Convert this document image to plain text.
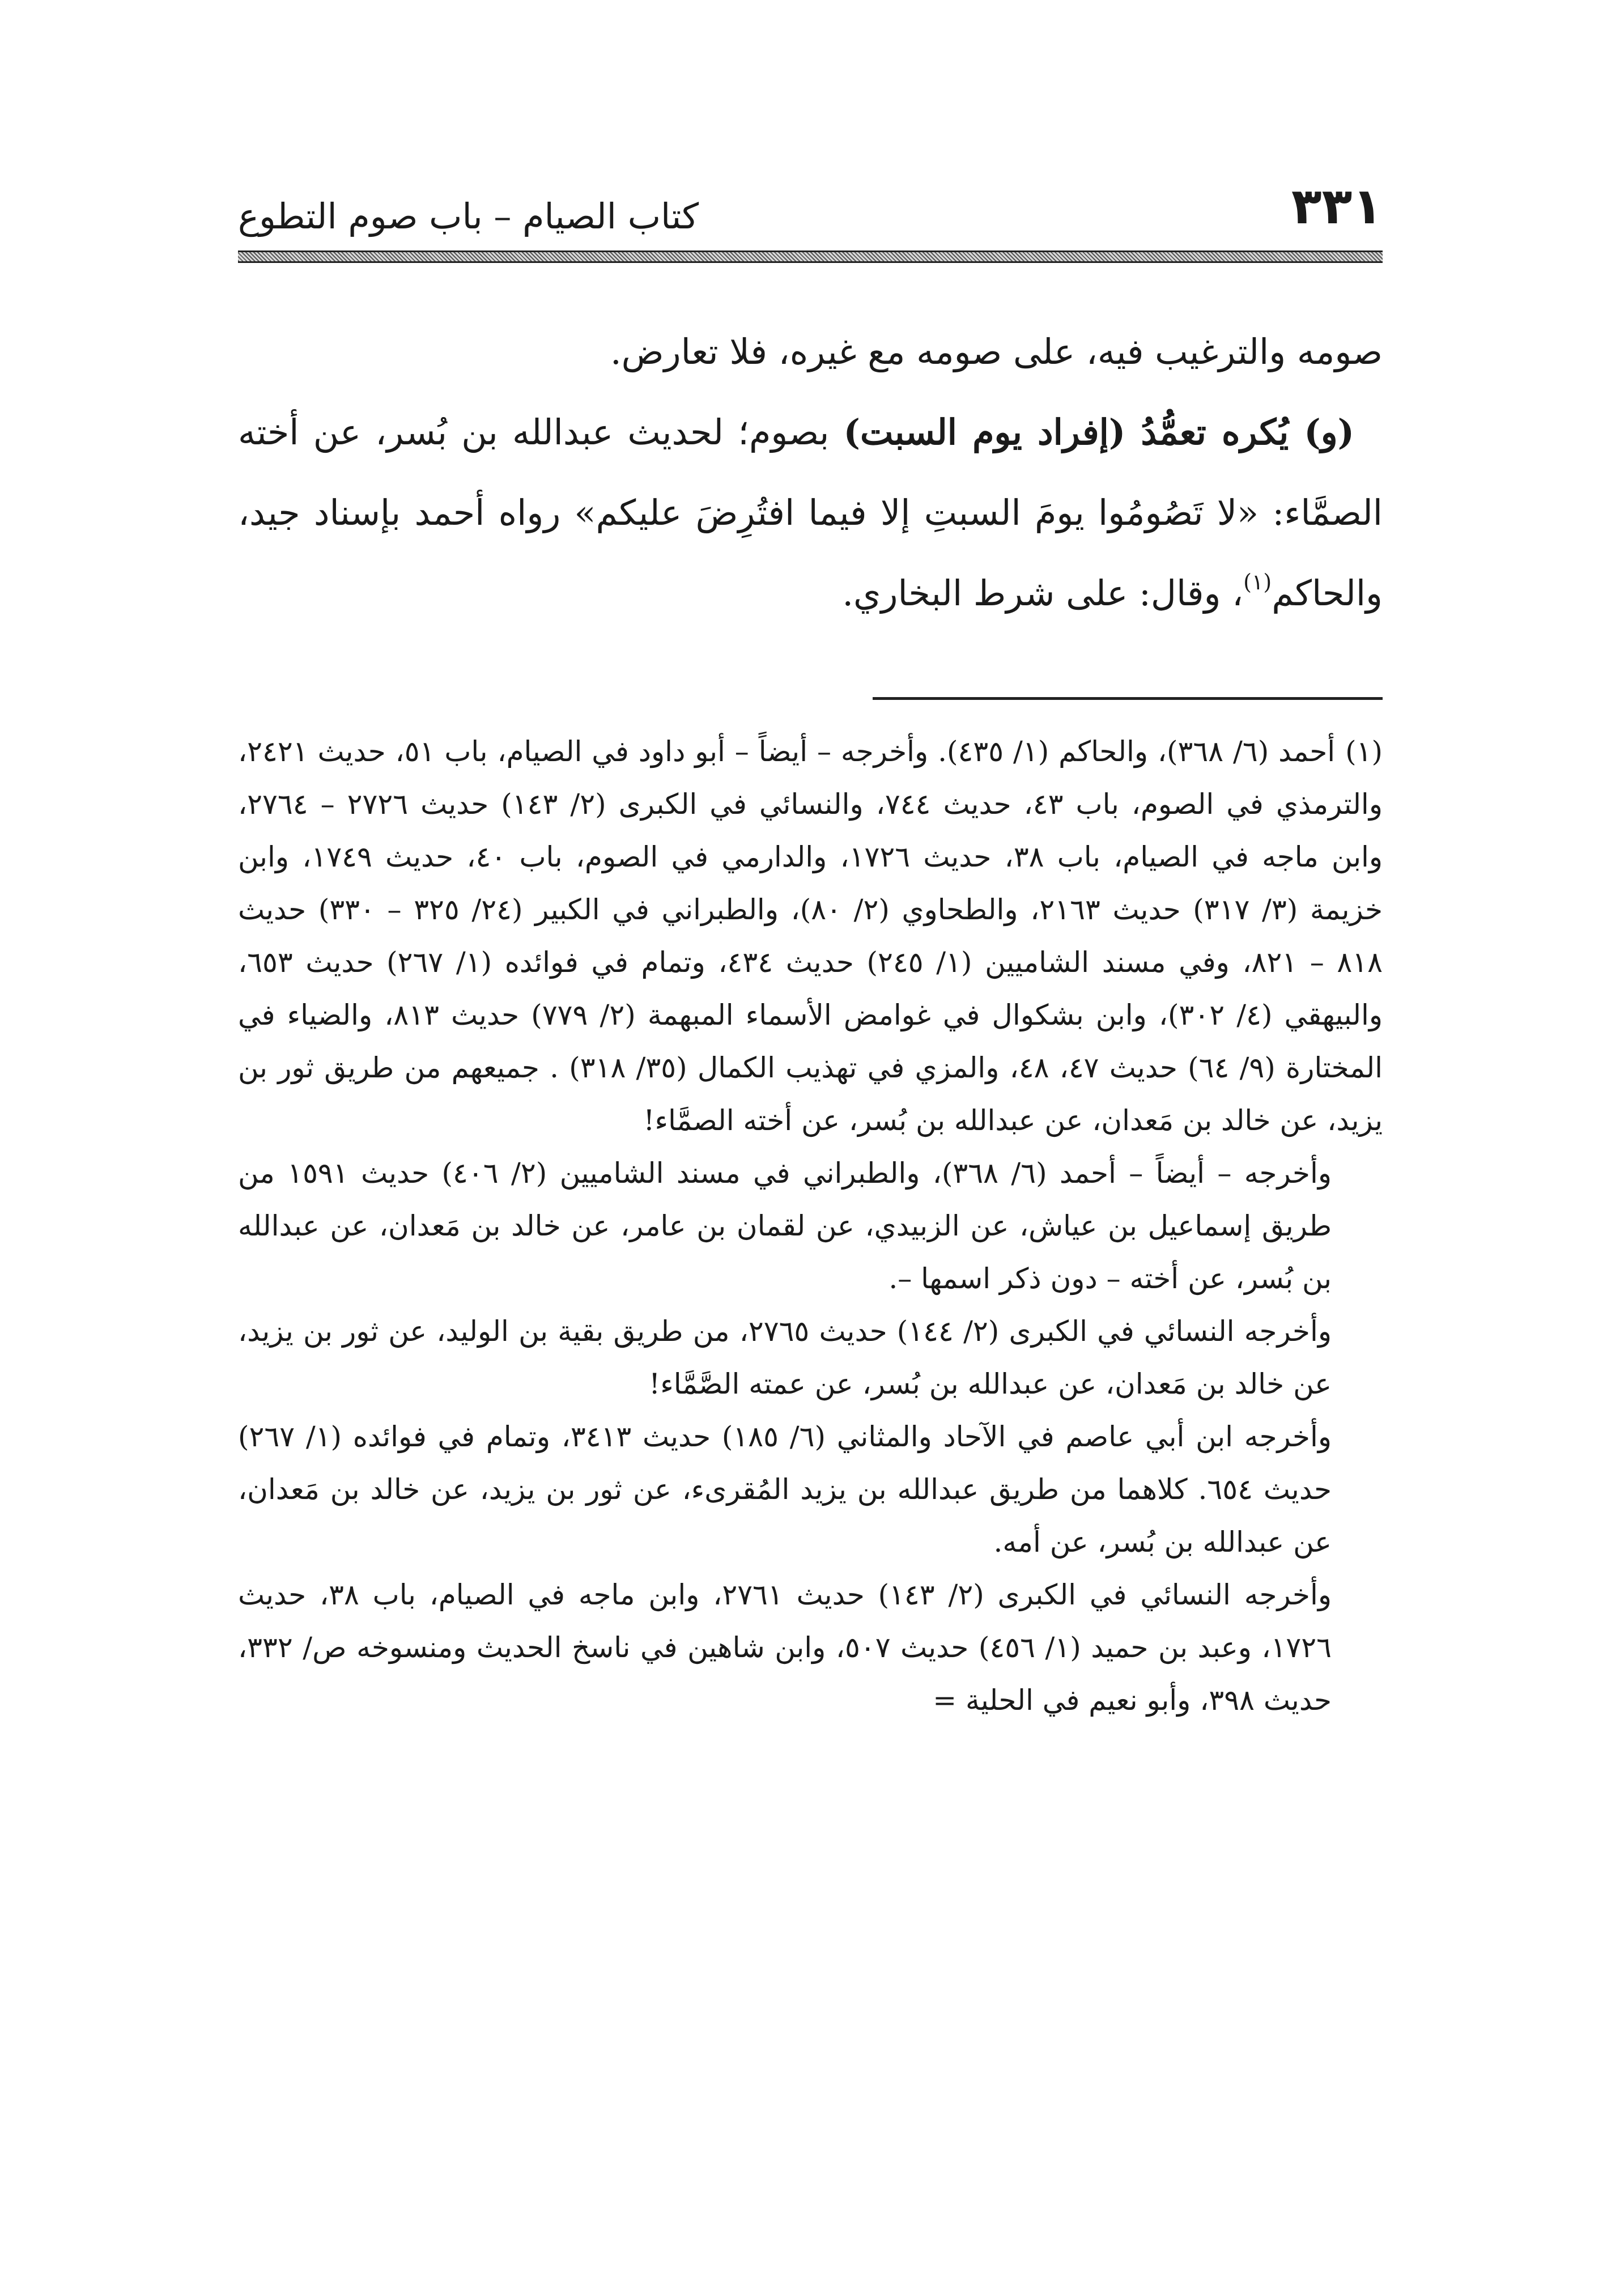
٣٣١
كتاب الصيام – باب صوم التطوع

صومه والترغيب فيه، على صومه مع غيره، فلا تعارض.

(و) يُكره تعمُّدُ (إفراد يوم السبت) بصوم؛ لحديث عبدالله بن بُسر، عن أخته الصمَّاء: «لا تَصُومُوا يومَ السبتِ إلا فيما افتُرِضَ عليكم» رواه أحمد بإسناد جيد، والحاكم$^{(١)}$، وقال: على شرط البخاري.

(١)أحمد (٦/ ٣٦٨)، والحاكم (١/ ٤٣٥). وأخرجه – أيضاً – أبو داود في الصيام، باب ٥١، حديث ٢٤٢١، والترمذي في الصوم، باب ٤٣، حديث ٧٤٤، والنسائي في الكبرى (٢/ ١٤٣) حديث ٢٧٢٦ – ٢٧٦٤، وابن ماجه في الصيام، باب ٣٨، حديث ١٧٢٦، والدارمي في الصوم، باب ٤٠، حديث ١٧٤٩، وابن خزيمة (٣/ ٣١٧) حديث ٢١٦٣، والطحاوي (٢/ ٨٠)، والطبراني في الكبير (٢٤/ ٣٢٥ – ٣٣٠) حديث ٨١٨ – ٨٢١، وفي مسند الشاميين (١/ ٢٤٥) حديث ٤٣٤، وتمام في فوائده (١/ ٢٦٧) حديث ٦٥٣، والبيهقي (٤/ ٣٠٢)، وابن بشكوال في غوامض الأسماء المبهمة (٢/ ٧٧٩) حديث ٨١٣، والضياء في المختارة (٩/ ٦٤) حديث ٤٧، ٤٨، والمزي في تهذيب الكمال (٣٥/ ٣١٨) . جميعهم من طريق ثور بن يزيد، عن خالد بن مَعدان، عن عبدالله بن بُسر، عن أخته الصمَّاء!

وأخرجه – أيضاً – أحمد (٦/ ٣٦٨)، والطبراني في مسند الشاميين (٢/ ٤٠٦) حديث ١٥٩١ من طريق إسماعيل بن عياش، عن الزبيدي، عن لقمان بن عامر، عن خالد بن مَعدان، عن عبدالله بن بُسر، عن أخته – دون ذكر اسمها –.

وأخرجه النسائي في الكبرى (٢/ ١٤٤) حديث ٢٧٦٥، من طريق بقية بن الوليد، عن ثور بن يزيد، عن خالد بن مَعدان، عن عبدالله بن بُسر، عن عمته الصَّمَّاء!

وأخرجه ابن أبي عاصم في الآحاد والمثاني (٦/ ١٨٥) حديث ٣٤١٣، وتمام في فوائده (١/ ٢٦٧) حديث ٦٥٤. كلاهما من طريق عبدالله بن يزيد المُقرىء، عن ثور بن يزيد، عن خالد بن مَعدان، عن عبدالله بن بُسر، عن أمه.

وأخرجه النسائي في الكبرى (٢/ ١٤٣) حديث ٢٧٦١، وابن ماجه في الصيام، باب ٣٨، حديث ١٧٢٦، وعبد بن حميد (١/ ٤٥٦) حديث ٥٠٧، وابن شاهين في ناسخ الحديث ومنسوخه ص/ ٣٣٢، حديث ٣٩٨، وأبو نعيم في الحلية =
